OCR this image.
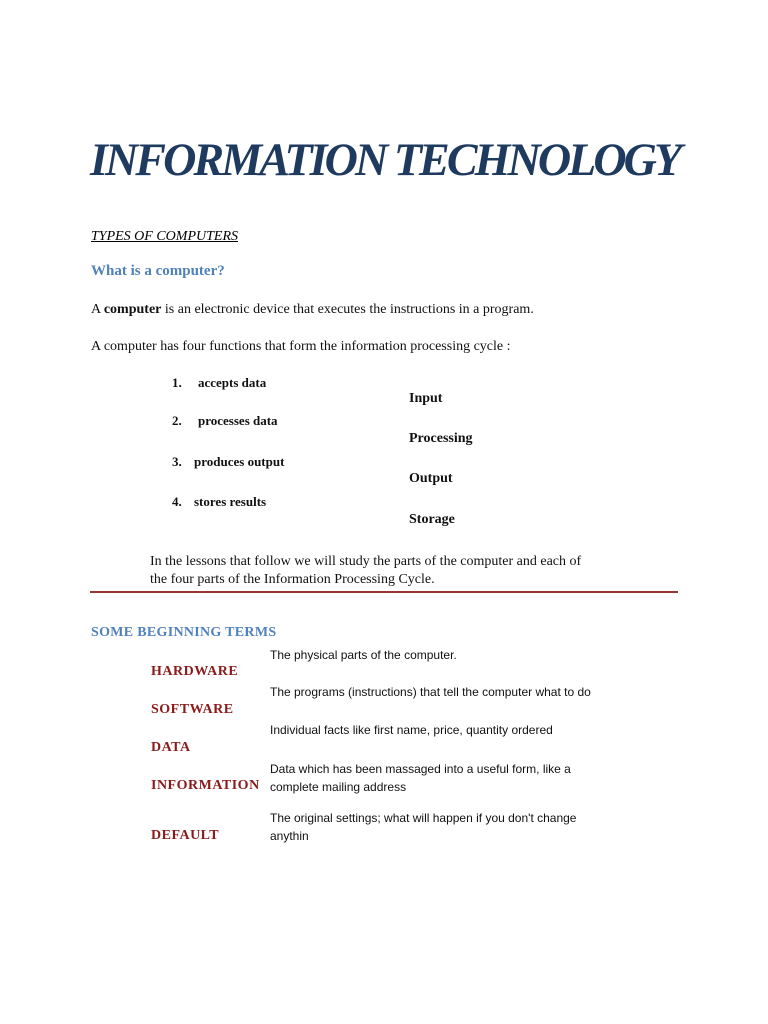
INFORMATION TECHNOLOGY
TYPES OF COMPUTERS
What is a computer?
A computer is an electronic device that executes the instructions in a program.
A computer has four functions that form the information processing cycle :
1. accepts data
Input
2. processes data
Processing
3. produces output
Output
4. stores results
Storage
In the lessons that follow we will study the parts of the computer and each of
the four parts of the Information Processing Cycle.
SOME BEGINNING TERMS
The physical parts of the computer.
HARDWARE
The programs (instructions) that tell the computer what to do
SOFTWARE
Individual facts like first name, price, quantity ordered
DATA
Data which has been massaged into a useful form, like a complete mailing address
INFORMATION
The original settings; what will happen if you don't change anythin
DEFAULT
